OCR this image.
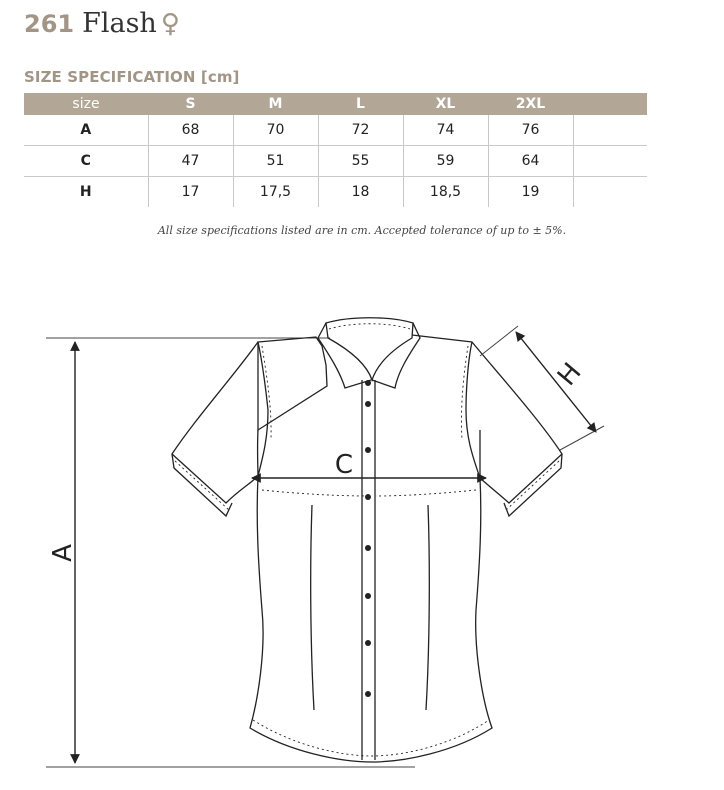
261 Flash ♀
SIZE SPECIFICATION [cm]
size	S	M	L	XL	2XL	
A	68	70	72	74	76	
C	47	51	55	59	64	
H	17	17,5	18	18,5	19	
All size specifications listed are in cm. Accepted tolerance of up to ± 5%.
A
C
H
